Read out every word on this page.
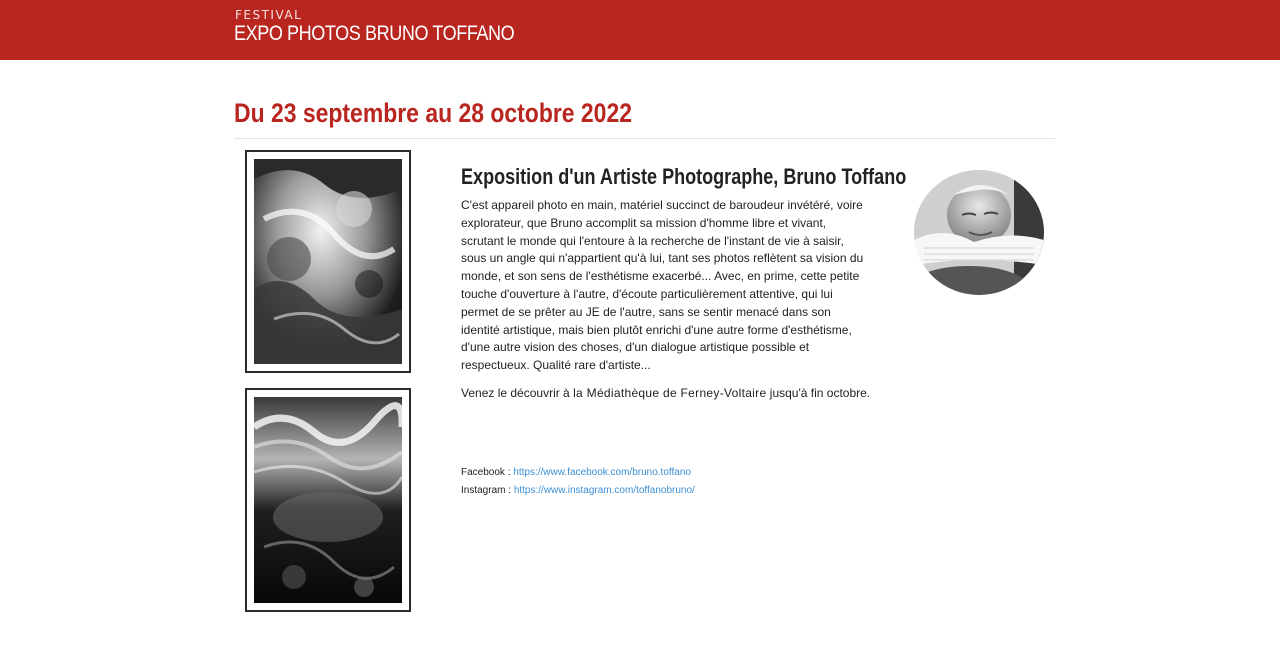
FESTIVAL
EXPO PHOTOS BRUNO TOFFANO
Du 23 septembre au 28 octobre 2022
Exposition d'un Artiste Photographe, Bruno Toffano

C'est appareil photo en main, matériel succinct de baroudeur invétéré, voire explorateur, que Bruno accomplit sa mission d'homme libre et vivant, scrutant le monde qui l'entoure à la recherche de l'instant de vie à saisir, sous un angle qui n'appartient qu'à lui, tant ses photos reflètent sa vision du monde, et son sens de l'esthétisme exacerbé... Avec, en prime, cette petite touche d'ouverture à l'autre, d'écoute particulièrement attentive, qui lui permet de se prêter au JE de l'autre, sans se sentir menacé dans son identité artistique, mais bien plutôt enrichi d'une autre forme d'esthétisme, d'une autre vision des choses, d'un dialogue artistique possible et respectueux. Qualité rare d'artiste...

Venez le découvrir à la Médiathèque de Ferney-Voltaire jusqu'à fin octobre.

Facebook : https://www.facebook.com/bruno.toffano
Instagram : https://www.instagram.com/toffanobruno/
